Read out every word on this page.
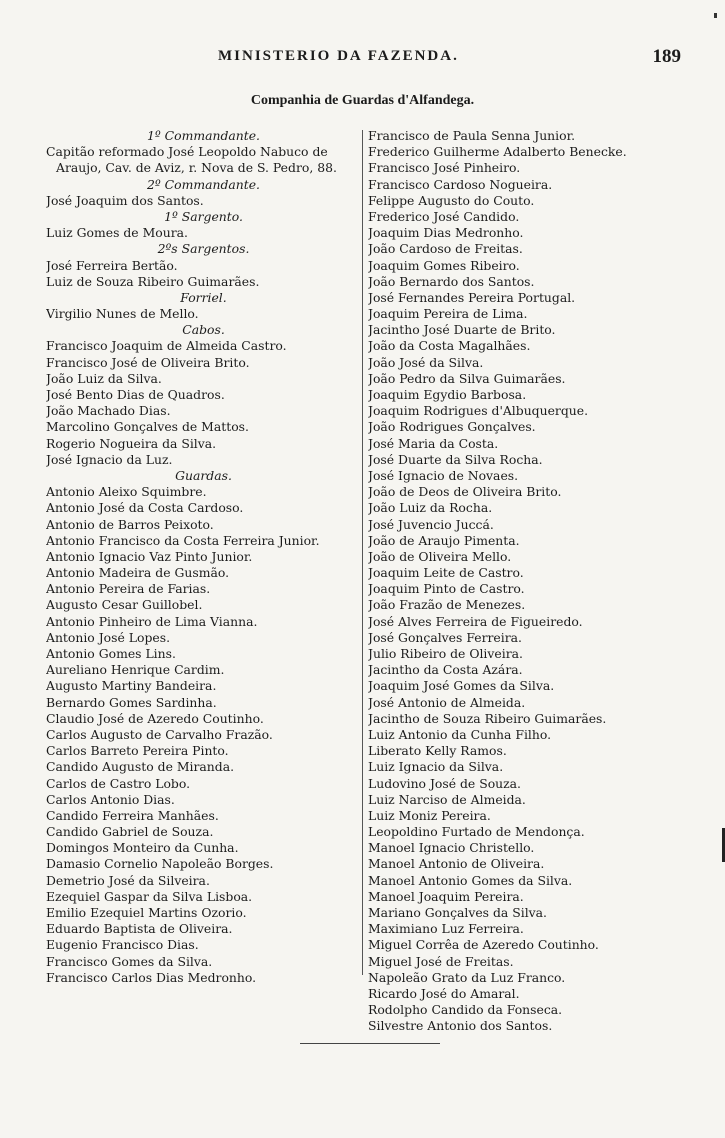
MINISTERIO DA FAZENDA.	189
Companhia de Guardas d'Alfandega.
1º Commandante.
Capitão reformado José Leopoldo Nabuco de
Araujo, Cav. de Aviz, r. Nova de S. Pedro, 88.
2º Commandante.
José Joaquim dos Santos.
1º Sargento.
Luiz Gomes de Moura.
2ºs Sargentos.
José Ferreira Bertão.
Luiz de Souza Ribeiro Guimarães.
Forriel.
Virgilio Nunes de Mello.
Cabos.
Francisco Joaquim de Almeida Castro.
Francisco José de Oliveira Brito.
João Luiz da Silva.
José Bento Dias de Quadros.
João Machado Dias.
Marcolino Gonçalves de Mattos.
Rogerio Nogueira da Silva.
José Ignacio da Luz.
Guardas.
Antonio Aleixo Squimbre.
Antonio José da Costa Cardoso.
Antonio de Barros Peixoto.
Antonio Francisco da Costa Ferreira Junior.
Antonio Ignacio Vaz Pinto Junior.
Antonio Madeira de Gusmão.
Antonio Pereira de Farias.
Augusto Cesar Guillobel.
Antonio Pinheiro de Lima Vianna.
Antonio José Lopes.
Antonio Gomes Lins.
Aureliano Henrique Cardim.
Augusto Martiny Bandeira.
Bernardo Gomes Sardinha.
Claudio José de Azeredo Coutinho.
Carlos Augusto de Carvalho Frazão.
Carlos Barreto Pereira Pinto.
Candido Augusto de Miranda.
Carlos de Castro Lobo.
Carlos Antonio Dias.
Candido Ferreira Manhães.
Candido Gabriel de Souza.
Domingos Monteiro da Cunha.
Damasio Cornelio Napoleão Borges.
Demetrio José da Silveira.
Ezequiel Gaspar da Silva Lisboa.
Emilio Ezequiel Martins Ozorio.
Eduardo Baptista de Oliveira.
Eugenio Francisco Dias.
Francisco Gomes da Silva.
Francisco Carlos Dias Medronho.
Francisco de Paula Senna Junior.
Frederico Guilherme Adalberto Benecke.
Francisco José Pinheiro.
Francisco Cardoso Nogueira.
Felippe Augusto do Couto.
Frederico José Candido.
Joaquim Dias Medronho.
João Cardoso de Freitas.
Joaquim Gomes Ribeiro.
João Bernardo dos Santos.
José Fernandes Pereira Portugal.
Joaquim Pereira de Lima.
Jacintho José Duarte de Brito.
João da Costa Magalhães.
João José da Silva.
João Pedro da Silva Guimarães.
Joaquim Egydio Barbosa.
Joaquim Rodrigues d'Albuquerque.
João Rodrigues Gonçalves.
José Maria da Costa.
José Duarte da Silva Rocha.
José Ignacio de Novaes.
João de Deos de Oliveira Brito.
João Luiz da Rocha.
José Juvencio Juccá.
João de Araujo Pimenta.
João de Oliveira Mello.
Joaquim Leite de Castro.
Joaquim Pinto de Castro.
João Frazão de Menezes.
José Alves Ferreira de Figueiredo.
José Gonçalves Ferreira.
Julio Ribeiro de Oliveira.
Jacintho da Costa Azára.
Joaquim José Gomes da Silva.
José Antonio de Almeida.
Jacintho de Souza Ribeiro Guimarães.
Luiz Antonio da Cunha Filho.
Liberato Kelly Ramos.
Luiz Ignacio da Silva.
Ludovino José de Souza.
Luiz Narciso de Almeida.
Luiz Moniz Pereira.
Leopoldino Furtado de Mendonça.
Manoel Ignacio Christello.
Manoel Antonio de Oliveira.
Manoel Antonio Gomes da Silva.
Manoel Joaquim Pereira.
Mariano Gonçalves da Silva.
Maximiano Luz Ferreira.
Miguel Corrêa de Azeredo Coutinho.
Miguel José de Freitas.
Napoleão Grato da Luz Franco.
Ricardo José do Amaral.
Rodolpho Candido da Fonseca.
Silvestre Antonio dos Santos.
